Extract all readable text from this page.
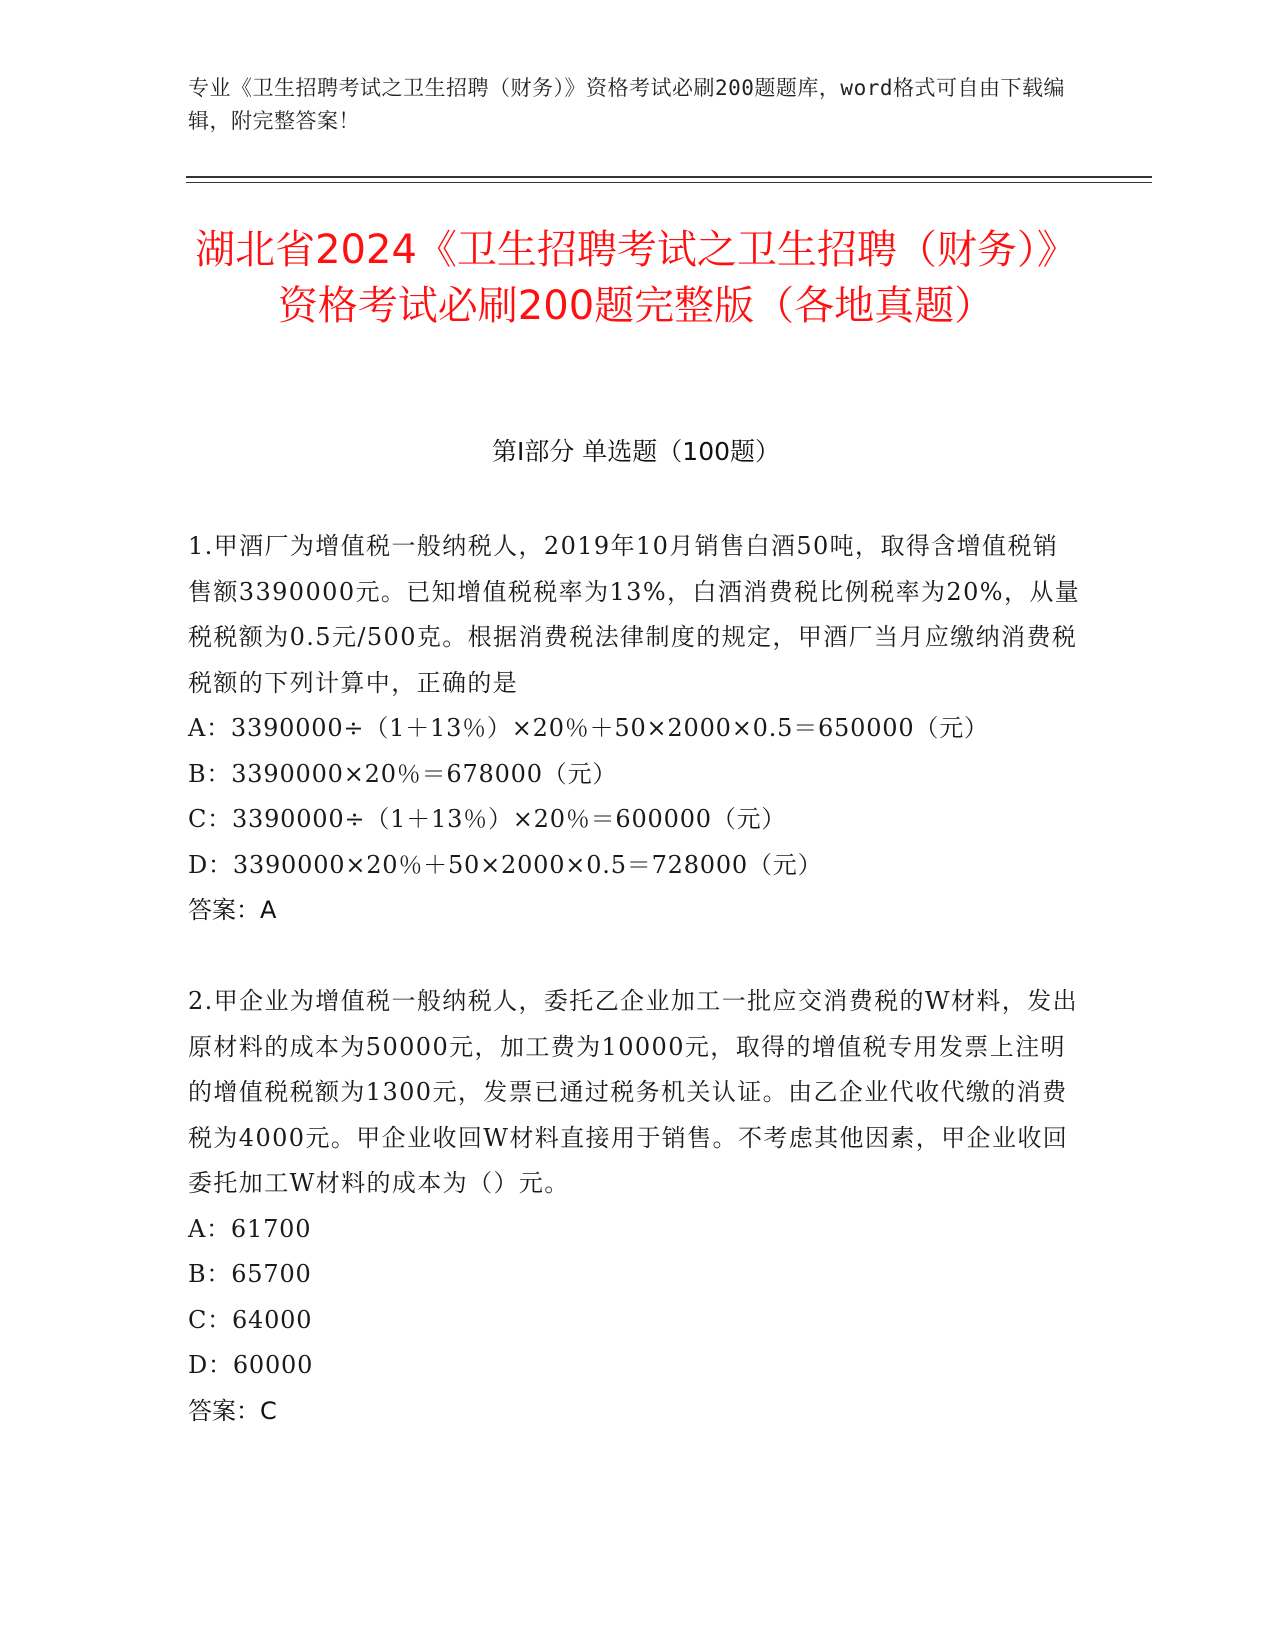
专业《卫生招聘考试之卫生招聘（财务）》资格考试必刷200题题库，word格式可自由下载编辑，附完整答案！
湖北省2024《卫生招聘考试之卫生招聘（财务）》资格考试必刷200题完整版（各地真题）
第Ⅰ部分 单选题（100题）

1.甲酒厂为增值税一般纳税人，2019年10月销售白酒50吨，取得含增值税销售额3390000元。已知增值税税率为13%，白酒消费税比例税率为20%，从量税税额为0.5元/500克。根据消费税法律制度的规定，甲酒厂当月应缴纳消费税税额的下列计算中，正确的是

A：3390000÷（1＋13％）×20％＋50×2000×0.5＝650000（元）

B：3390000×20％＝678000（元）

C：3390000÷（1＋13％）×20％＝600000（元）

D：3390000×20％＋50×2000×0.5＝728000（元）

答案：A

2.甲企业为增值税一般纳税人，委托乙企业加工一批应交消费税的W材料，发出原材料的成本为50000元，加工费为10000元，取得的增值税专用发票上注明的增值税税额为1300元，发票已通过税务机关认证。由乙企业代收代缴的消费税为4000元。甲企业收回W材料直接用于销售。不考虑其他因素，甲企业收回委托加工W材料的成本为（）元。

A：61700

B：65700

C：64000

D：60000

答案：C
